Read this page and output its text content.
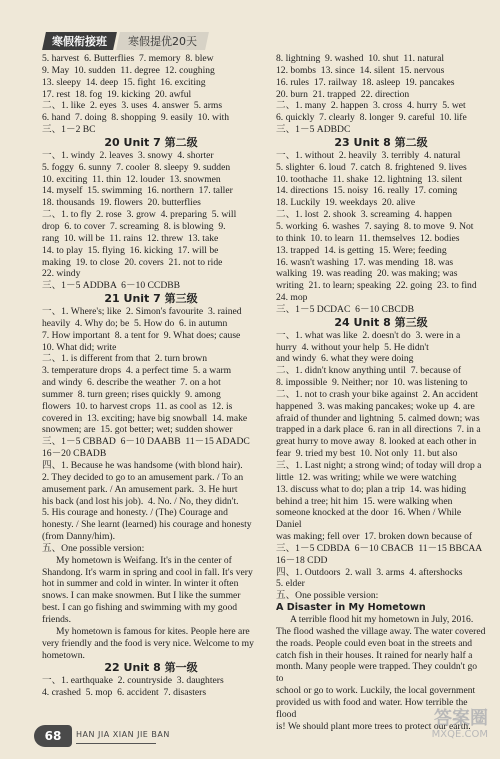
寒假衔接班 寒假提优20天
5. harvest  6. Butterflies  7. memory  8. blew
9. May  10. sudden  11. degree  12. coughing
13. sleepy  14. deep  15. fight  16. exciting
17. rest  18. fog  19. kicking  20. awful
二、1. like  2. eyes  3. uses  4. answer  5. arms
6. hand  7. doing  8. shopping  9. easily  10. with
三、1－2 BC
20 Unit 7 第二级
一、1. windy  2. leaves  3. snowy  4. shorter
5. foggy  6. sunny  7. cooler  8. sleepy  9. sudden
10. exciting  11. thin  12. louder  13. snowmen
14. myself  15. swimming  16. northern  17. taller
18. thousands  19. flowers  20. butterflies
二、1. to fly  2. rose  3. grow  4. preparing  5. will
drop  6. to cover  7. screaming  8. is blowing  9.
rang  10. will be  11. rains  12. threw  13. take
14. to play  15. flying  16. kicking  17. will be
making  19. to close  20. covers  21. not to ride
22. windy
三、1－5 ADDBA  6－10 CCDBB
21 Unit 7 第三级
一、1. Where's; like  2. Simon's favourite  3. rained
heavily  4. Why do; be  5. How do  6. in autumn
7. How important  8. a tent for  9. What does; cause
10. What did; write
二、1. is different from that  2. turn brown
3. temperature drops  4. a perfect time  5. a warm
and windy  6. describe the weather  7. on a hot
summer  8. turn green; rises quickly  9. among
flowers  10. to harvest crops  11. as cool as  12. is
covered in  13. exciting; have big snowball  14. make
snowmen; are  15. got better; wet; sudden shower
三、1－5 CBBAD  6－10 DAABB  11－15 ADADC
16－20 CBADB
四、1. Because he was handsome (with blond hair).
2. They decided to go to an amusement park. / To an
amusement park. / An amusement park.  3. He hurt
his back (and lost his job).  4. No. / No, they didn't.
5. His courage and honesty. / (The) Courage and
honesty. / She learnt (learned) his courage and honesty
(from Danny/him).
五、One possible version:
My hometown is Weifang. It's in the center of
Shandong. It's warm in spring and cool in fall. It's very
hot in summer and cold in winter. In winter it often
snows. I can make snowmen. But I like the summer
best. I can go fishing and swimming with my good
friends.
My hometown is famous for kites. People here are
very friendly and the food is very nice. Welcome to my
hometown.
22 Unit 8 第一级
一、1. earthquake  2. countryside  3. daughters
4. crashed  5. mop  6. accident  7. disasters
8. lightning  9. washed  10. shut  11. natural
12. bombs  13. since  14. silent  15. nervous
16. rules  17. railway  18. asleep  19. pancakes
20. burn  21. trapped  22. direction
二、1. many  2. happen  3. cross  4. hurry  5. wet
6. quickly  7. clearly  8. longer  9. careful  10. life
三、1－5 ADBDC
23 Unit 8 第二级
一、1. without  2. heavily  3. terribly  4. natural
5. slighter  6. loud  7. catch  8. frightened  9. lives
10. toothache  11. shake  12. lightning  13. silent
14. directions  15. noisy  16. really  17. coming
18. Luckily  19. weekdays  20. alive
二、1. lost  2. shook  3. screaming  4. happen
5. working  6. washes  7. saying  8. to move  9. Not
to think  10. to learn  11. themselves  12. bodies
13. trapped  14. is getting  15. Were; feeding
16. wasn't washing  17. was mending  18. was
walking  19. was reading  20. was making; was
writing  21. to learn; speaking  22. going  23. to find
24. mop
三、1－5 DCDAC  6－10 CBCDB
24 Unit 8 第三级
一、1. what was like  2. doesn't do  3. were in a
hurry  4. without your help  5. He didn't
and windy  6. what they were doing
二、1. didn't know anything until  7. because of
8. impossible  9. Neither; nor  10. was listening to
二、1. not to crash your bike against  2. An accident
happened  3. was making pancakes; woke up  4. are
afraid of thunder and lightning  5. calmed down; was
trapped in a dark place  6. ran in all directions  7. in a
great hurry to move away  8. looked at each other in
fear  9. tried my best  10. Not only  11. but also
三、1. Last night; a strong wind; of today will drop a
little  12. was writing; while we were watching
13. discuss what to do; plan a trip  14. was hiding
behind a tree; hit him  15. were walking when
someone knocked at the door  16. When / While Daniel
was making; fell over  17. broken down because of
三、1－5 CDBDA  6－10 CBACB  11－15 BBCAA
16－18 CDD
四、1. Outdoors  2. wall  3. arms  4. aftershocks
5. elder
五、One possible version:
A Disaster in My Hometown
A terrible flood hit my hometown in July, 2016.
The flood washed the village away. The water covered
the roads. People could even boat in the streets and
catch fish in their houses. It rained for nearly half a
month. Many people were trapped. They couldn't go to
school or go to work. Luckily, the local government
provided us with food and water. How terrible the flood
is! We should plant more trees to protect our earth.
68	HAN JIA XIAN JIE BAN
答案圈
MXQE.COM
